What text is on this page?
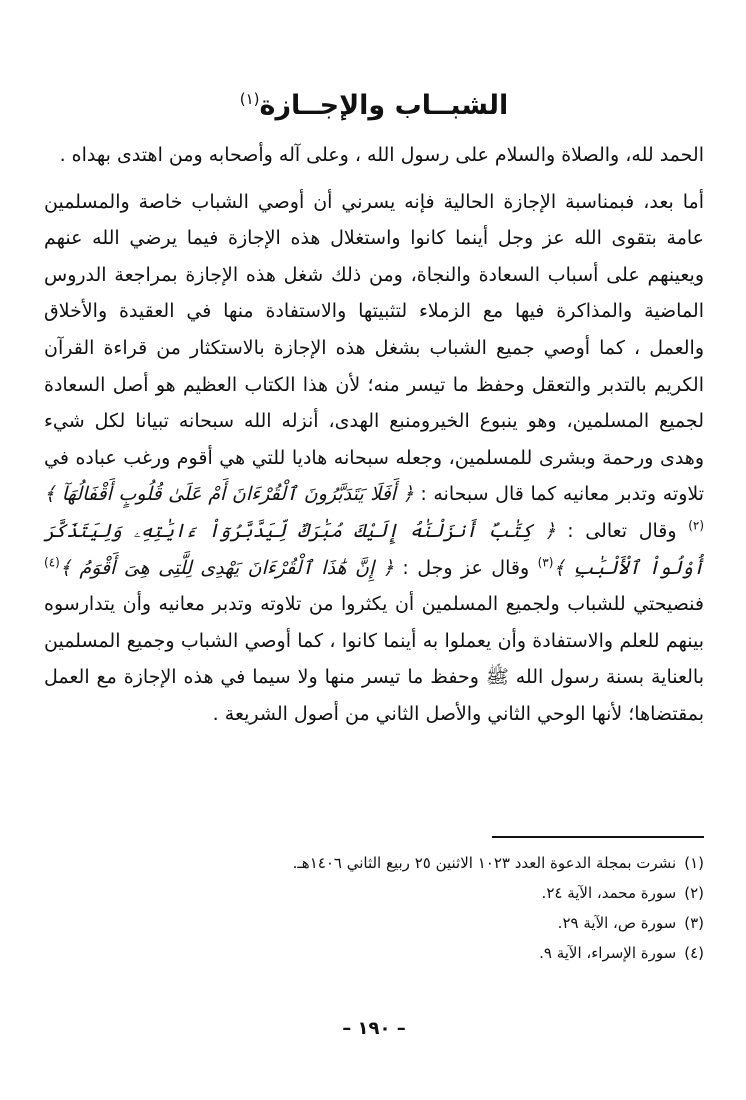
الشبــاب والإجــازة$^{(١)}$

الحمد لله، والصلاة والسلام على رسول الله ، وعلى آله وأصحابه ومن اهتدى بهداه .

أما بعد، فبمناسبة الإجازة الحالية فإنه يسرني أن أوصي الشباب خاصة والمسلمين عامة بتقوى الله عز وجل أينما كانوا واستغلال هذه الإجازة فيما يرضي الله عنهم ويعينهم على أسباب السعادة والنجاة، ومن ذلك شغل هذه الإجازة بمراجعة الدروس الماضية والمذاكرة فيها مع الزملاء لتثبيتها والاستفادة منها في العقيدة والأخلاق والعمل ، كما أوصي جميع الشباب بشغل هذه الإجازة بالاستكثار من قراءة القرآن الكريم بالتدبر والتعقل وحفظ ما تيسر منه؛ لأن هذا الكتاب العظيم هو أصل السعادة لجميع المسلمين، وهو ينبوع الخيرومنبع الهدى، أنزله الله سبحانه تبيانا لكل شيء وهدى ورحمة وبشرى للمسلمين، وجعله سبحانه هاديا للتي هي أقوم ورغب عباده في تلاوته وتدبر معانيه كما قال سبحانه : ﴿ أَفَلَا يَتَدَبَّرُونَ ٱلْقُرْءَانَ أَمْ عَلَىٰ قُلُوبٍ أَقْفَالُهَآ ﴾$^{(٢)}$ وقال تعالى : ﴿ كِتَٰبٌ أَنزَلْنَٰهُ إِلَيْكَ مُبَٰرَكٌ لِّيَدَّبَّرُوٓاْ ءَايَٰتِهِۦ وَلِيَتَذَكَّرَ أُوْلُواْ ٱلْأَلْبَٰبِ ﴾$^{(٣)}$ وقال عز وجل : ﴿ إِنَّ هَٰذَا ٱلْقُرْءَانَ يَهْدِى لِلَّتِى هِىَ أَقْوَمُ ﴾$^{(٤)}$ فنصيحتي للشباب ولجميع المسلمين أن يكثروا من تلاوته وتدبر معانيه وأن يتدارسوه بينهم للعلم والاستفادة وأن يعملوا به أينما كانوا ، كما أوصي الشباب وجميع المسلمين بالعناية بسنة رسول الله ﷺ وحفظ ما تيسر منها ولا سيما في هذه الإجازة مع العمل بمقتضاها؛ لأنها الوحي الثاني والأصل الثاني من أصول الشريعة .

(١)نشرت بمجلة الدعوة العدد ١٠٢٣ الاثنين ٢٥ ربيع الثاني ١٤٠٦هـ.
(٢)سورة محمد، الآية ٢٤.
(٣)سورة ص، الآية ٢٩.
(٤)سورة الإسراء، الآية ٩.
– ١٩٠ –
